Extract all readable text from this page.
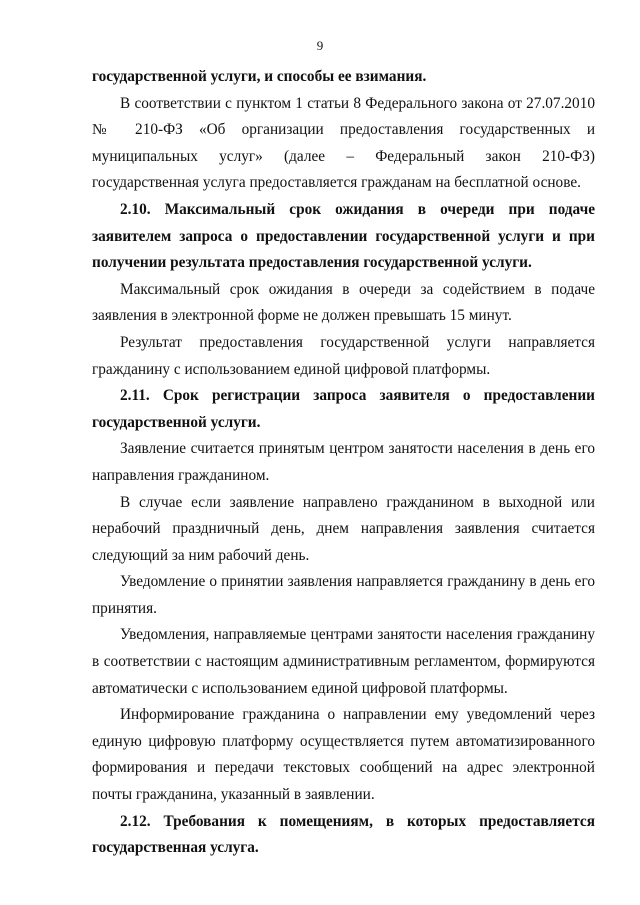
9

государственной услуги, и способы ее взимания.

В соответствии с пунктом 1 статьи 8 Федерального закона от 27.07.2010 № 210-ФЗ «Об организации предоставления государственных и муниципальных услуг» (далее – Федеральный закон 210-ФЗ) государственная услуга предоставляется гражданам на бесплатной основе.

2.10. Максимальный срок ожидания в очереди при подаче заявителем запроса о предоставлении государственной услуги и при получении результата предоставления государственной услуги.

Максимальный срок ожидания в очереди за содействием в подаче заявления в электронной форме не должен превышать 15 минут.

Результат предоставления государственной услуги направляется гражданину с использованием единой цифровой платформы.

2.11. Срок регистрации запроса заявителя о предоставлении государственной услуги.

Заявление считается принятым центром занятости населения в день его направления гражданином.

В случае если заявление направлено гражданином в выходной или нерабочий праздничный день, днем направления заявления считается следующий за ним рабочий день.

Уведомление о принятии заявления направляется гражданину в день его принятия.

Уведомления, направляемые центрами занятости населения гражданину в соответствии с настоящим административным регламентом, формируются автоматически с использованием единой цифровой платформы.

Информирование гражданина о направлении ему уведомлений через единую цифровую платформу осуществляется путем автоматизированного формирования и передачи текстовых сообщений на адрес электронной почты гражданина, указанный в заявлении.

2.12. Требования к помещениям, в которых предоставляется государственная услуга.
